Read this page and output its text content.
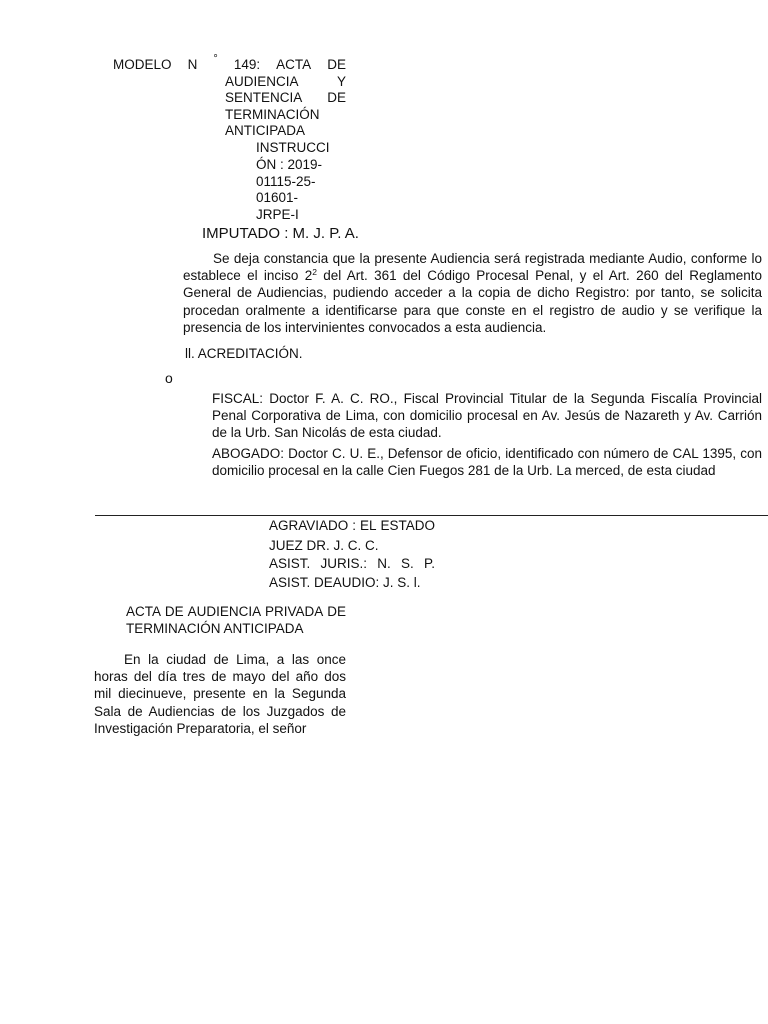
MODELO N ° 149: ACTA DE
AUDIENCIA	Y
SENTENCIA DE
TERMINACIÓN
ANTICIPADA
INSTRUCCI
ÓN : 2019-
01115-25-
01601-
JRPE-I
IMPUTADO : M. J. P. A.

Se deja constancia que la presente Audiencia será registrada mediante Audio, conforme lo establece el inciso $2^2$ del Art. 361 del Código Procesal Penal, y el Art. 260 del Reglamento General de Audiencias, pudiendo acceder a la copia de dicho Registro: por tanto, se solicita procedan oralmente a identificarse para que conste en el registro de audio y se verifique la presencia de los intervinientes convocados a esta audiencia.

ll. ACREDITACIÓN.
o

FISCAL: Doctor F. A. C. RO., Fiscal Provincial Titular de la Segunda Fiscalía Provincial Penal Corporativa de Lima, con domicilio procesal en Av. Jesús de Nazareth y Av. Carrión de la Urb. San Nicolás de esta ciudad.

ABOGADO: Doctor C. U. E., Defensor de oficio, identificado con número de CAL 1395, con domicilio procesal en la calle Cien Fuegos 281 de la Urb. La merced, de esta ciudad

AGRAVIADO : EL ESTADO
JUEZ DR. J. C. C.
ASIST. JURIS.: N. S. P.
ASIST. DEAUDIO: J. S. l.
ACTA DE AUDIENCIA PRIVADA DE
TERMINACIÓN ANTICIPADA

En la ciudad de Lima, a las once horas del día tres de mayo del año dos mil diecinueve, presente en la Segunda Sala de Audiencias de los Juzgados de Investigación Preparatoria, el señor
